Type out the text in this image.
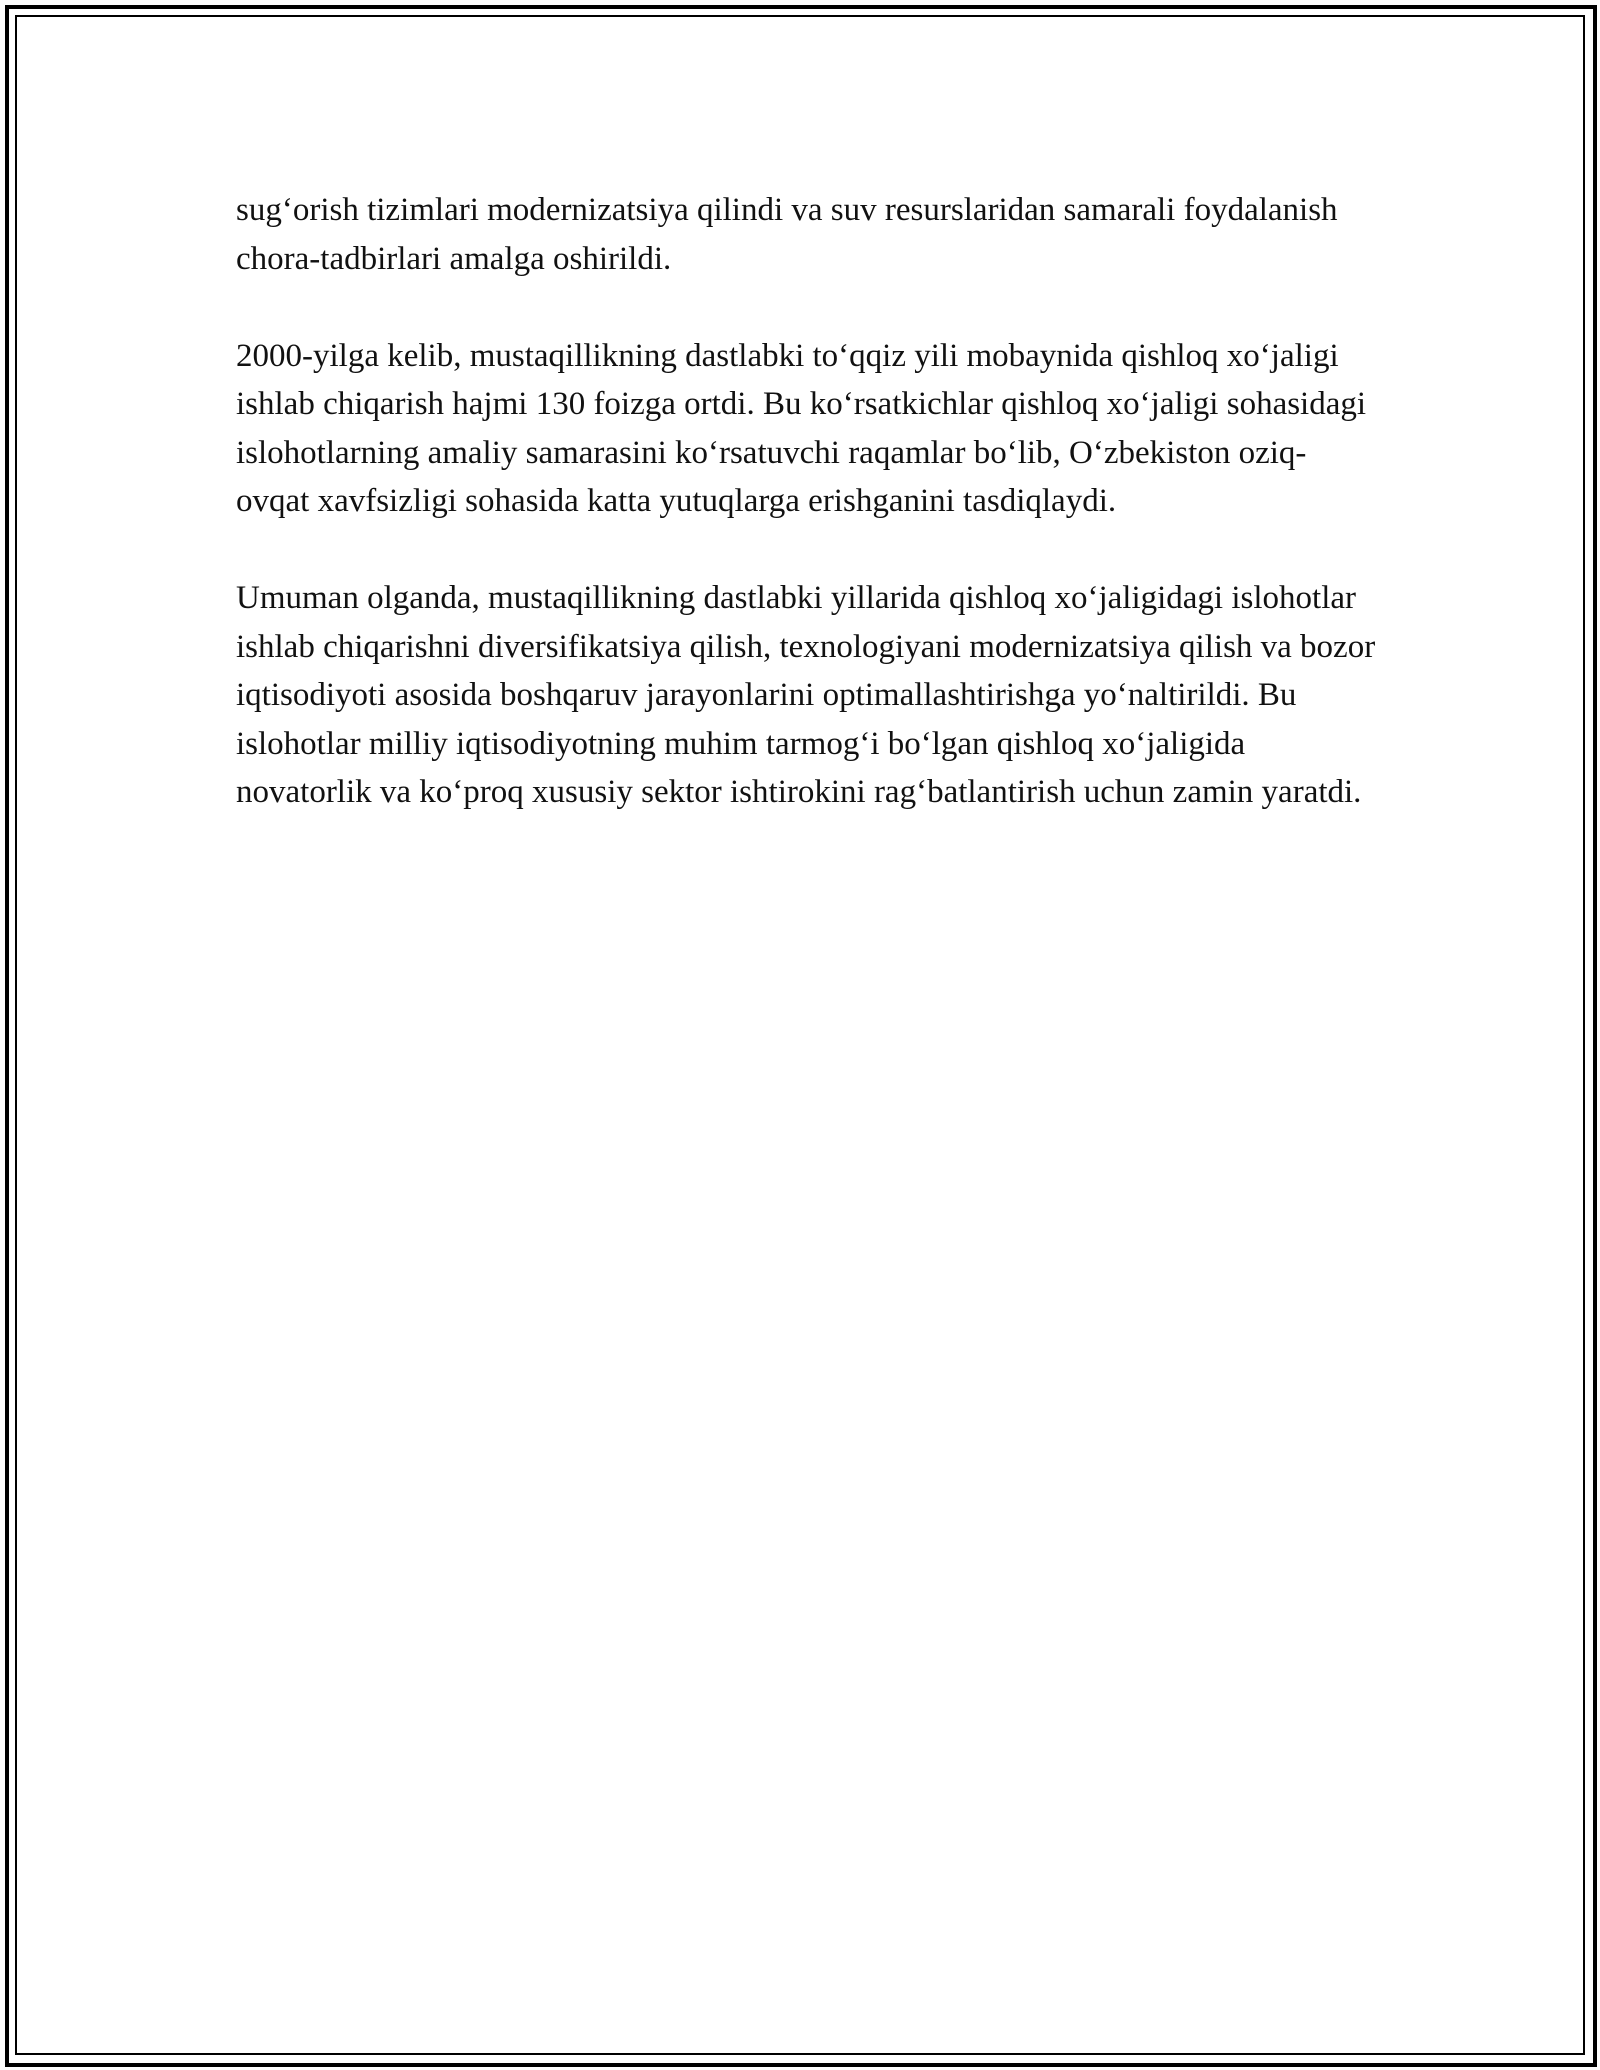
sug‘orish tizimlari modernizatsiya qilindi va suv resurslaridan samarali foydalanish chora-tadbirlari amalga oshirildi.

2000-yilga kelib, mustaqillikning dastlabki to‘qqiz yili mobaynida qishloq xo‘jaligi ishlab chiqarish hajmi 130 foizga ortdi. Bu ko‘rsatkichlar qishloq xo‘jaligi sohasidagi islohotlarning amaliy samarasini ko‘rsatuvchi raqamlar bo‘lib, O‘zbekiston oziq-ovqat xavfsizligi sohasida katta yutuqlarga erishganini tasdiqlaydi.

Umuman olganda, mustaqillikning dastlabki yillarida qishloq xo‘jaligidagi islohotlar ishlab chiqarishni diversifikatsiya qilish, texnologiyani modernizatsiya qilish va bozor iqtisodiyoti asosida boshqaruv jarayonlarini optimallashtirishga yo‘naltirildi. Bu islohotlar milliy iqtisodiyotning muhim tarmog‘i bo‘lgan qishloq xo‘jaligida novatorlik va ko‘proq xususiy sektor ishtirokini rag‘batlantirish uchun zamin yaratdi.
